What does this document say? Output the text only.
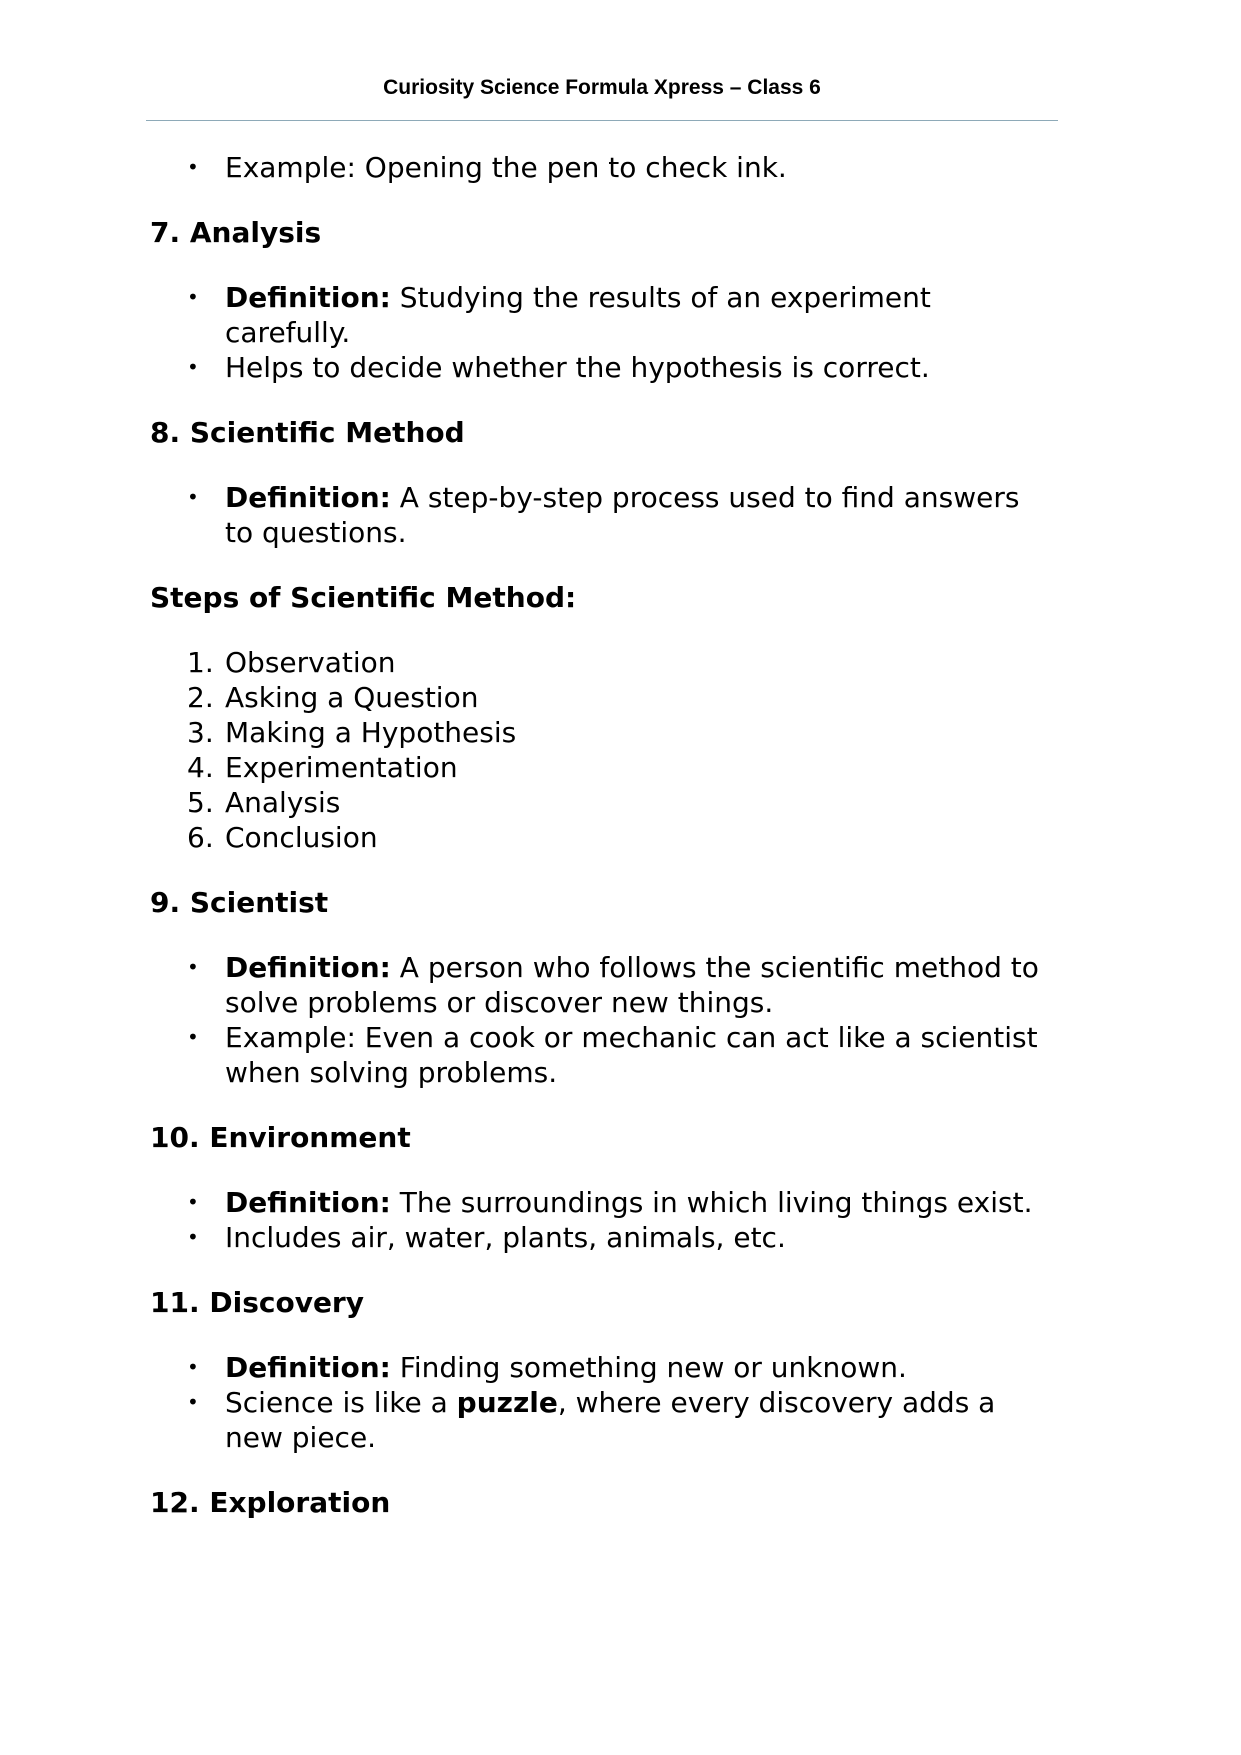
Curiosity Science Formula Xpress – Class 6
• Example: Opening the pen to check ink.

7. Analysis

• Definition: Studying the results of an experiment carefully.
• Helps to decide whether the hypothesis is correct.

8. Scientific Method

• Definition: A step-by-step process used to find answers to questions.

Steps of Scientific Method:

1. Observation
2. Asking a Question
3. Making a Hypothesis
4. Experimentation
5. Analysis
6. Conclusion

9. Scientist

• Definition: A person who follows the scientific method to solve problems or discover new things.
• Example: Even a cook or mechanic can act like a scientist when solving problems.

10. Environment

• Definition: The surroundings in which living things exist.
• Includes air, water, plants, animals, etc.

11. Discovery

• Definition: Finding something new or unknown.
• Science is like a puzzle, where every discovery adds a new piece.

12. Exploration
